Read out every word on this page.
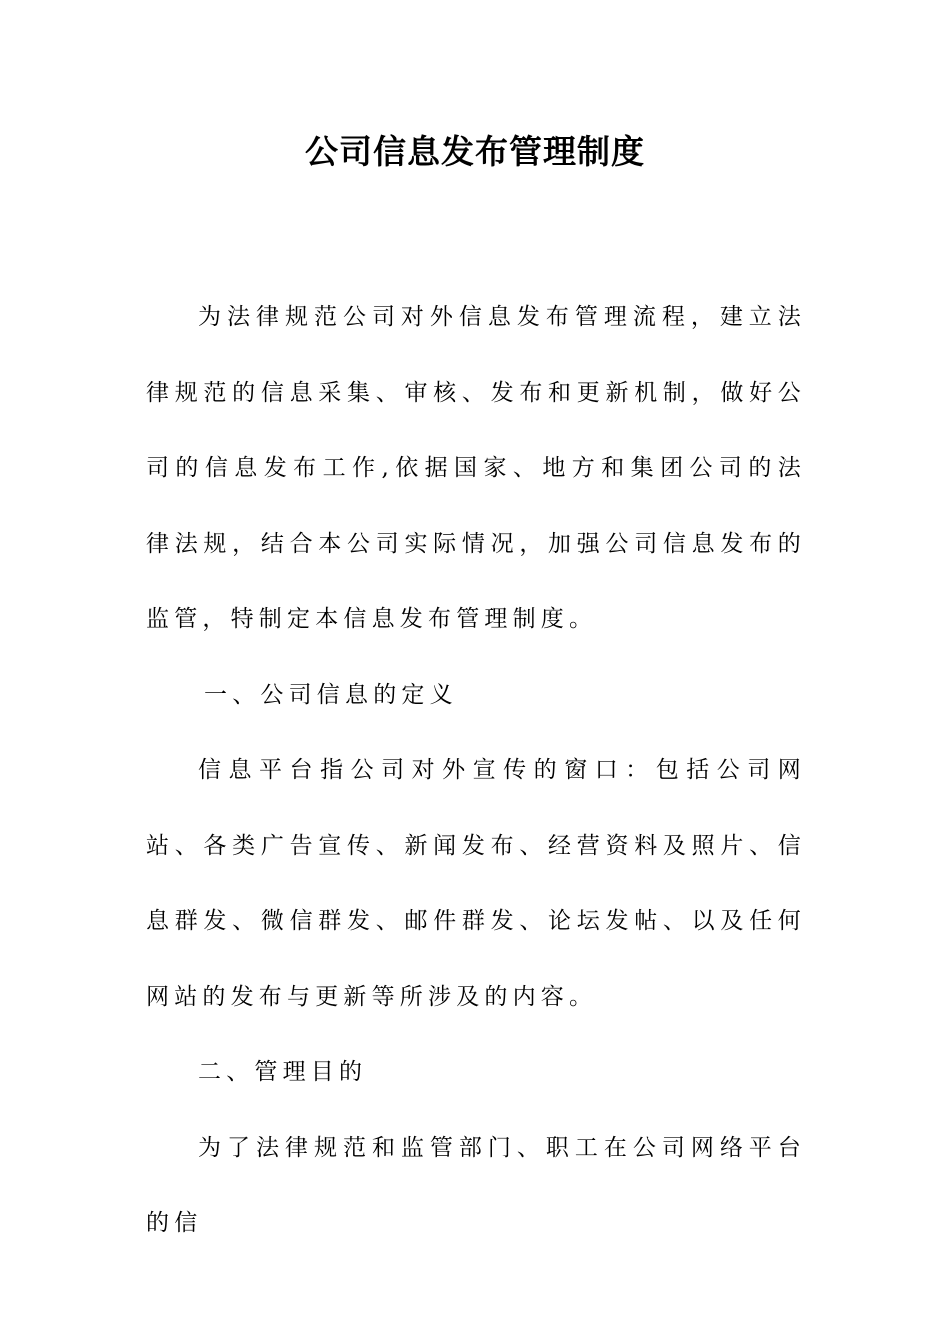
公司信息发布管理制度

为法律规范公司对外信息发布管理流程，建立法律规范的信息采集、审核、发布和更新机制，做好公司的信息发布工作,依据国家、地方和集团公司的法律法规，结合本公司实际情况，加强公司信息发布的监管，特制定本信息发布管理制度。

一、公司信息的定义

信息平台指公司对外宣传的窗口：包括公司网站、各类广告宣传、新闻发布、经营资料及照片、信息群发、微信群发、邮件群发、论坛发帖、以及任何网站的发布与更新等所涉及的内容。

二、管理目的

为了法律规范和监管部门、职工在公司网络平台的信
